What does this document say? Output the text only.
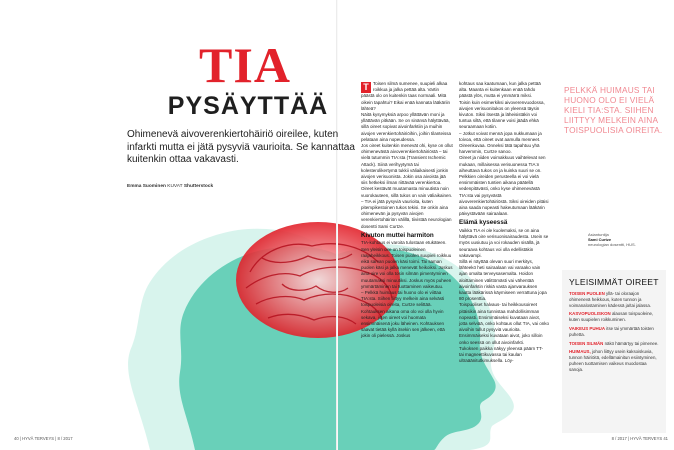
TIA
PYSÄYTTÄÄ
Ohimenevä aivoverenkiertohäiriö oireilee, kuten infarkti mutta ei jätä pysyviä vaurioita. Se kannattaa kuitenkin ottaa vakavasti.
Emma Suominen KUVAT Shutterstock

T Toisen silmä sumenee, suupieli alkaa roikkua ja jalka pettää alta. Vartin päästä olo on kuitenkin taas normaali. Mitä oikein tapahtui? Eikai enää kannata lääkäriin lähteä?

Näitä kysymyksiä arpoo yllättävän moni ja yllättävän pitkään. Se on sinänsä hälyttävää, sillä oireet sopivat aivoinfarktiin ja muihin aivojen verenkiertohäiriöihin, joihin tilanteissa pelataan aina nopeudessa.

Jos oireet kuitenkin menevät ohi, kyse on ollut ohimenevästä aivoverenkiertohäiriöstä – tai vielä tutummin TIA:sta (Transient Ischemic Attack). Siinä verihyytymä tai kolesterolikertymä tukkii väliaikaisesti jonkin aivojen verisuonista. Jokin osa aivoista jää siis hetkeksi ilman riittävää verenkiertoa. Oireet kestävät muutamasta minuutista noin vuorokauteen, sillä tukos on vain väliaikainen.

– TIA ei jätä pysyviä vaurioita, kuten pitempikestoinen tukos tekisi. Se onkin aina ohimenevän ja pysyvän aivojen verenkiertohäiriön välillä, tiivistää neurologian dosentti Sami Curtze.

Kivuton muttei harmiton

TIA-kohtaus ei varoita tulostaan etukäteen. Sen yleisin oire on toispuoleinen raajaheikkous. Toisen puolen suupieli roikkuu eikä saman puolen käsi toimi. Tai saman puolen käsi ja jalka menevät heikoiksi. Joskus aina oire voi olla tosin silmän pimentyminen muutamaksi minuutiksi. Joskus myös puheen ymmärtäminen tai tuottaminen vaikeutuu.

– Pelkkä huimaus tai huono olo ei viittaa TIA:sta. Siihen liittyy melkein aina selvästi toispuoleisia oireita, Curtze selittää.

Kohtauksen aikana oma olo voi olla hyvin sekava, joten oireet voi huomata ensimmäisenä joku läheinen. Kohtauksen saavat tietää kyllä itsekin sen jälkeen, että jokin oli pielessä. Joskus

kohtaus saa kaatumaan, kun jalka pettää alta. Maanta ei kuitenkaan enää tahdo päästä ylös, mutta ei ymmärrä miksi.

Toisin kuin esimerkiksi aivoverenvuodossa, aivojen verisuonitukos on yleensä täysin kivuton. Siksi itsestä ja läheisistäkin voi tuntua siltä, että tilanne voisi jäädä ehkä seuraamaan kotiin.

– Jotkut voivat mennä jopa nukkumaan ja toivoa, että oireet ovat aamulla menneet. Oireenkuvaa. Onneksi tätä tapahtuu yhä harvemmin, Curtze sanoo.

Oireet ja niiden voimakkuus vaihtelevat sen mukaan, millaisessa verisuonessa TIA:n aiheuttava tukos on ja kuinka suuri se on. Pelkkien oireiden perusteella ei voi vielä ensimmäisten tuntien aikana päätellä vedenpitävästi, onko kyse ohimenevästä TIA:sta vai pysyvästä aivoverenkiertohäiriöstä. Siksi oireiden pitäisi aina saada nopeasti hakeutumaan lääkärin päivystävään sairaalaan.

Elämä kyseessä

Vaikka TIA ei ole kuolemaksi, se on aina hälyttävä oire verisuonisairaudesta. Usein se myös uusiutuu ja voi rokauden sisällä, jä seuraava kohtaus voi olla edellistäkin vakavampi.

Sillä ei näyttää olevan suuri merkitys, lähteekö heti sairaalaan vai varaako vain ajan omalta terveysasemalta. Hoidon aloittaminen välittömästi vai vähentää aivoinfarktin riskiä vasta ajanvarauksen kautta lääkärissä käymiseen verrattuna jopa 80 prosenttia.

Toispuoliset halvaus- tai heikkousoireet pitäisikin aina tunnistaa mahdollisimman nopeasti. Ensimmäiseksi kuvataan aivot, jotta selviää, onko kohtaus ollut TIA, vai onko aivoihin tullut pysyviä vaurioita. Ensimmäiseksi kuvataan aivot, joko silloin onko seessä on ollut aivoinfarkti.

Tukoksen paikka näkyy yleensä päärn TT- tai magneettikuvassa tai kaulan ultraäänitutkimuksella. Löy-

PELKKÄ HUIMAUS TAI HUONO OLO EI VIELÄ KIELI TIA:STA. SIIHEN LIITTYY MELKEIN AINA TOISPUOLISIA OIREITA.
Asiantuntija
Sami Curtze
neurologian dosentti, HUS.
YLEISIMMÄT OIREET
TOISEN PUOLEN yllä- tai oloraajon ohimenevä heikkous, kuten tunnon ja voimanalostaminen kädessä ja/tai jalassa.
KASVOPUOLISKON alaosan toispuoleine, kuten suupielen roikkuminen.
VAIKEUS PUHUA itse tai ymmärtää toisten puhetta.
TOISEN SILMÄN näkö hämärtyy tai pimenee.
HUIMAUS, johon liittyy usein kaksoiskuvia, tunnon häiriöitä, edellämainitun esiintyminen, puheen tuottamisen vaikeus muodostaa sanoja.
40 | HYVÄ TERVEYS | 8 / 2017	8 / 2017 | HYVÄ TERVEYS 41
